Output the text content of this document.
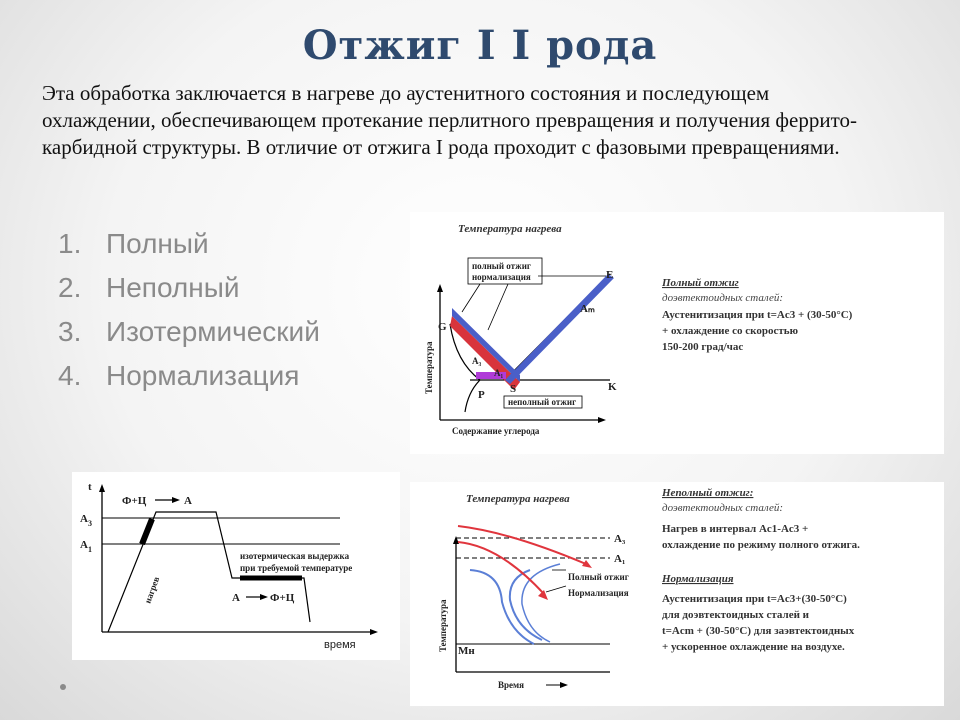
Отжиг I I рода
Эта обработка заключается в нагреве до аустенитного состояния и последующем охлаждении, обеспечивающем протекание перлитного превращения и получения феррито-карбидной структуры. В отличие от отжига I рода проходит с фазовыми превращениями.
1. Полный
2. Неполный
3. Изотермический
4. Нормализация
t
время
$A_3$
$A_1$
Ф+Ц	А
нагрев
изотермическая выдержка
при требуемой температуре
А	Ф+Ц
Температура нагрева
Температура
Содержание углерода
полный отжиг
нормализация
неполный отжиг
G
E
S	K
P
A₃
A₁
Aₘ
Полный отжиг
доэвтектоидных сталей:
Аустенитизация при t=Aс3 + (30-50°С)
+ охлаждение со скоростью
150-200 град/час
Температура нагрева
Температура
Время
A₃
A₁
Mн
Полный отжиг
Нормализация
Неполный отжиг:
доэвтектоидных сталей:
Нагрев в интервал Aс1-Aс3 +
охлаждение по режиму полного отжига.
Нормализация
Аустенитизация при t=Aс3+(30-50°С)
для доэвтектоидных сталей и
t=Aсm + (30-50°С) для заэвтектоидных
+ ускоренное охлаждение на воздухе.
